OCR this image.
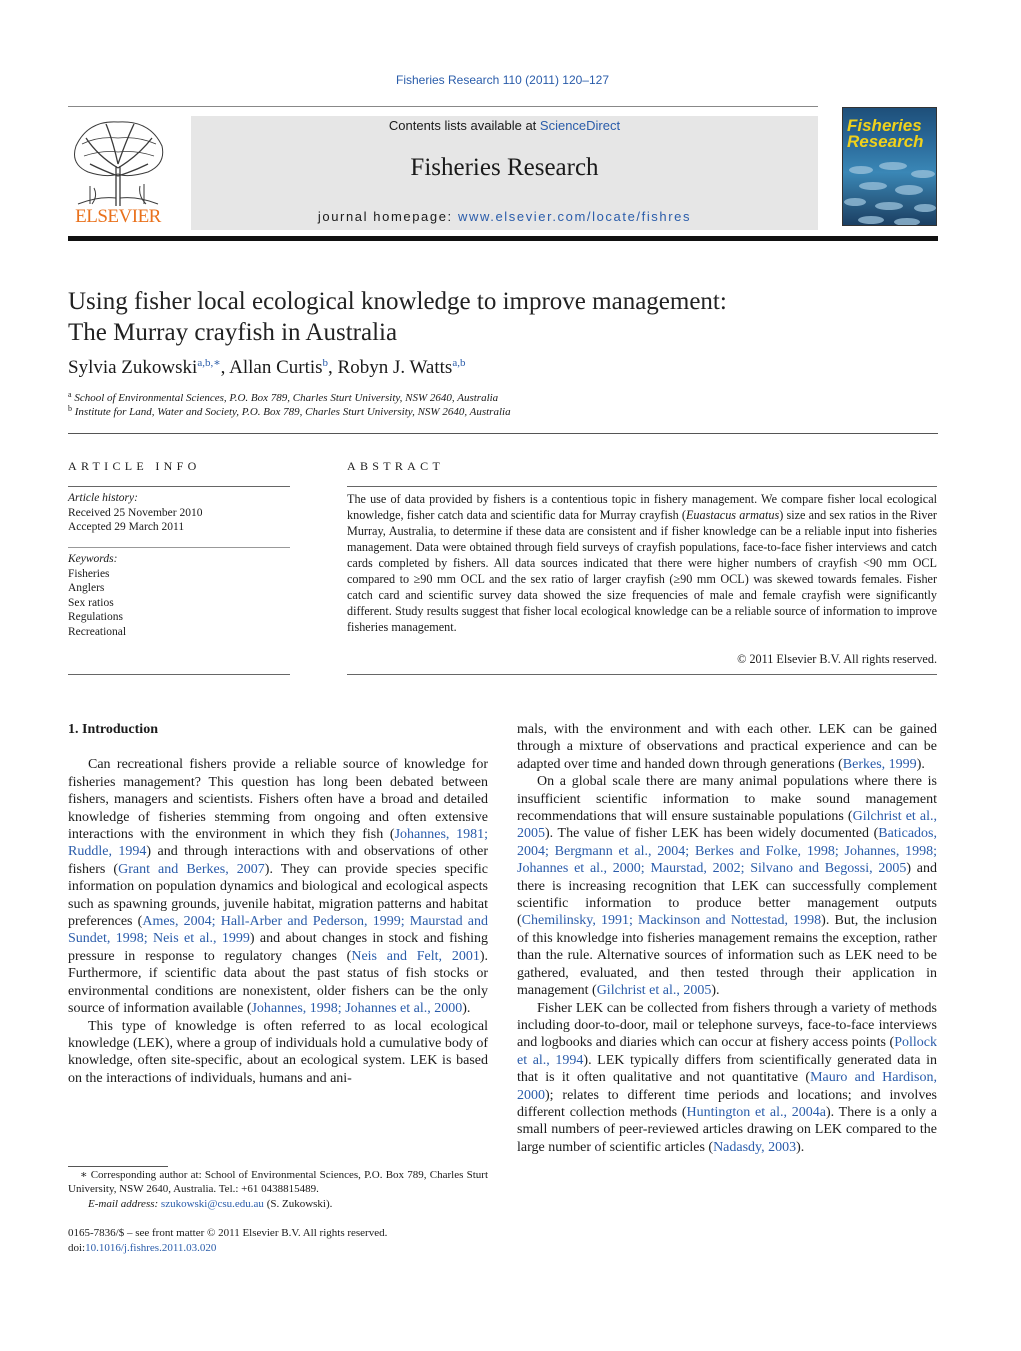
Fisheries Research 110 (2011) 120–127
ELSEVIER
Contents lists available at ScienceDirect
Fisheries Research
journal homepage: www.elsevier.com/locate/fishres
Fisheries
Research
Using fisher local ecological knowledge to improve management:
The Murray crayfish in Australia
Sylvia Zukowski$^{a,b,∗}$, Allan Curtis$^b$, Robyn J. Watts$^{a,b}$
$^a$ School of Environmental Sciences, P.O. Box 789, Charles Sturt University, NSW 2640, Australia
$^b$ Institute for Land, Water and Society, P.O. Box 789, Charles Sturt University, NSW 2640, Australia
ARTICLE INFO
Article history:
Received 25 November 2010
Accepted 29 March 2011
Keywords:
Fisheries
Anglers
Sex ratios
Regulations
Recreational
ABSTRACT
The use of data provided by fishers is a contentious topic in fishery management. We compare fisher local ecological knowledge, fisher catch data and scientific data for Murray crayfish (Euastacus armatus) size and sex ratios in the River Murray, Australia, to determine if these data are consistent and if fisher knowledge can be a reliable input into fisheries management. Data were obtained through field surveys of crayfish populations, face-to-face fisher interviews and catch cards completed by fishers. All data sources indicated that there were higher numbers of crayfish <90 mm OCL compared to ≥90 mm OCL and the sex ratio of larger crayfish (≥90 mm OCL) was skewed towards females. Fisher catch card and scientific survey data showed the size frequencies of male and female crayfish were significantly different. Study results suggest that fisher local ecological knowledge can be a reliable source of information to improve fisheries management.
© 2011 Elsevier B.V. All rights reserved.
1. Introduction

Can recreational fishers provide a reliable source of knowledge for fisheries management? This question has long been debated between fishers, managers and scientists. Fishers often have a broad and detailed knowledge of fisheries stemming from ongoing and often extensive interactions with the environment in which they fish (Johannes, 1981; Ruddle, 1994) and through interactions with and observations of other fishers (Grant and Berkes, 2007). They can provide species specific information on population dynamics and biological and ecological aspects such as spawning grounds, juvenile habitat, migration patterns and habitat preferences (Ames, 2004; Hall-Arber and Pederson, 1999; Maurstad and Sundet, 1998; Neis et al., 1999) and about changes in stock and fishing pressure in response to regulatory changes (Neis and Felt, 2001). Furthermore, if scientific data about the past status of fish stocks or environmental conditions are nonexistent, older fishers can be the only source of information available (Johannes, 1998; Johannes et al., 2000).

This type of knowledge is often referred to as local ecological knowledge (LEK), where a group of individuals hold a cumulative body of knowledge, often site-specific, about an ecological system. LEK is based on the interactions of individuals, humans and ani-

mals, with the environment and with each other. LEK can be gained through a mixture of observations and practical experience and can be adapted over time and handed down through generations (Berkes, 1999).

On a global scale there are many animal populations where there is insufficient scientific information to make sound management recommendations that will ensure sustainable populations (Gilchrist et al., 2005). The value of fisher LEK has been widely documented (Baticados, 2004; Bergmann et al., 2004; Berkes and Folke, 1998; Johannes, 1998; Johannes et al., 2000; Maurstad, 2002; Silvano and Begossi, 2005) and there is increasing recognition that LEK can successfully complement scientific information to produce better management outputs (Chemilinsky, 1991; Mackinson and Nottestad, 1998). But, the inclusion of this knowledge into fisheries management remains the exception, rather than the rule. Alternative sources of information such as LEK need to be gathered, evaluated, and then tested through their application in management (Gilchrist et al., 2005).

Fisher LEK can be collected from fishers through a variety of methods including door-to-door, mail or telephone surveys, face-to-face interviews and logbooks and diaries which can occur at fishery access points (Pollock et al., 1994). LEK typically differs from scientifically generated data in that is it often qualitative and not quantitative (Mauro and Hardison, 2000); relates to different time periods and locations; and involves different collection methods (Huntington et al., 2004a). There is a only a small numbers of peer-reviewed articles drawing on LEK compared to the large number of scientific articles (Nadasdy, 2003).

∗ Corresponding author at: School of Environmental Sciences, P.O. Box 789, Charles Sturt University, NSW 2640, Australia. Tel.: +61 0438815489.
E-mail address: szukowski@csu.edu.au (S. Zukowski).
0165-7836/$ – see front matter © 2011 Elsevier B.V. All rights reserved.
doi:10.1016/j.fishres.2011.03.020
